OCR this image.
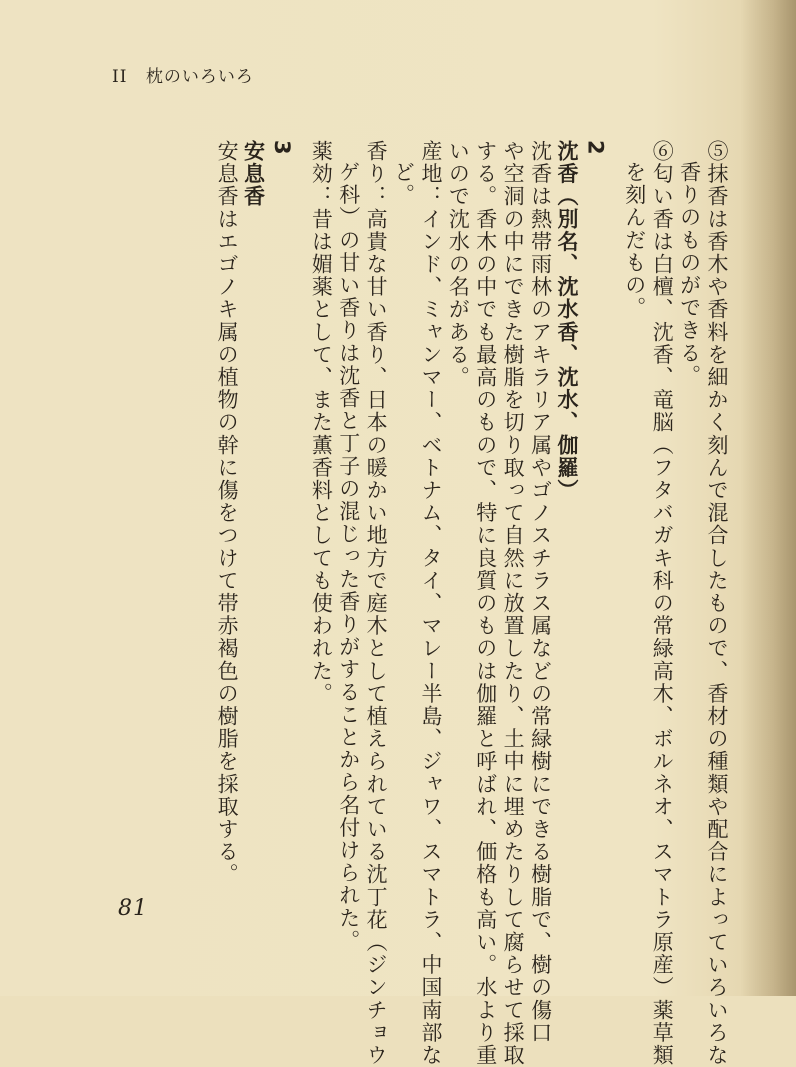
II 枕のいろいろ
⑤抹香は香木や香料を細かく刻んで混合したもので、香材の種類や配合によっていろいろな
香りのものができる。
⑥匂い香は白檀、沈香、竜脳（フタバガキ科の常緑高木、ボルネオ、スマトラ原産）薬草類
を刻んだもの。
2
沈香（別名、沈水香、沈水、伽羅）
沈香は熱帯雨林のアキラリア属やゴノスチラス属などの常緑樹にできる樹脂で、樹の傷口
や空洞の中にできた樹脂を切り取って自然に放置したり、土中に埋めたりして腐らせて採取
する。香木の中でも最高のもので、特に良質のものは伽羅と呼ばれ、価格も高い。水より重
いので沈水の名がある。
産地：インド、ミャンマー、ベトナム、タイ、マレー半島、ジャワ、スマトラ、中国南部な
ど。
香り：高貴な甘い香り、日本の暖かい地方で庭木として植えられている沈丁花（ジンチョウ
ゲ科）の甘い香りは沈香と丁子の混じった香りがすることから名付けられた。
薬効：昔は媚薬として、また薫香料としても使われた。
3
安息香
安息香はエゴノキ属の植物の幹に傷をつけて帯赤褐色の樹脂を採取する。
81
